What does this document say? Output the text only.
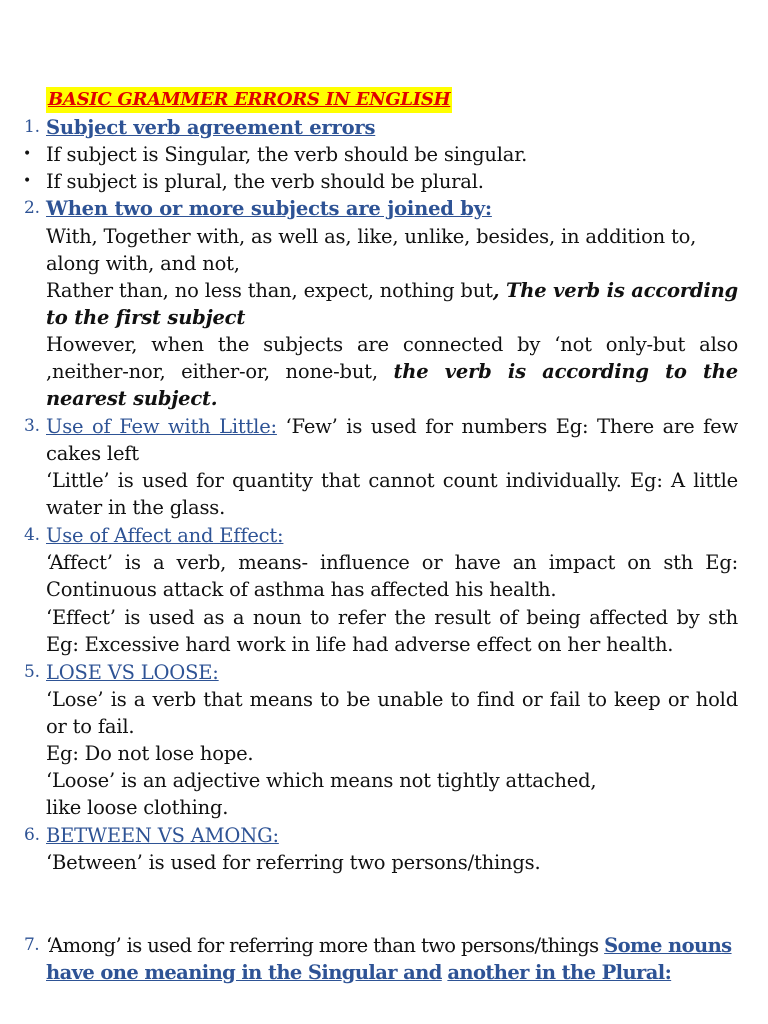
BASIC GRAMMER ERRORS IN ENGLISH
1. Subject verb agreement errors
• If subject is Singular, the verb should be singular.
• If subject is plural, the verb should be plural.
2. When two or more subjects are joined by:
With, Together with, as well as, like, unlike, besides, in addition to, along with, and not,
Rather than, no less than, expect, nothing but, The verb is according to the first subject
However, when the subjects are connected by ‘not only-but also ,neither-nor, either-or, none-but, the verb is according to the nearest subject.
3. Use of Few with Little: ‘Few’ is used for numbers Eg: There are few cakes left
‘Little’ is used for quantity that cannot count individually. Eg: A little water in the glass.
4. Use of Affect and Effect:
‘Affect’ is a verb, means- influence or have an impact on sth Eg: Continuous attack of asthma has affected his health.
‘Effect’ is used as a noun to refer the result of being affected by sth Eg: Excessive hard work in life had adverse effect on her health.
5. LOSE VS LOOSE:
‘Lose’ is a verb that means to be unable to find or fail to keep or hold or to fail.
Eg: Do not lose hope.
‘Loose’ is an adjective which means not tightly attached,
like loose clothing.
6. BETWEEN VS AMONG:
‘Between’ is used for referring two persons/things.
7. ‘Among’ is used for referring more than two persons/things Some nouns have one meaning in the Singular and another in the Plural:
